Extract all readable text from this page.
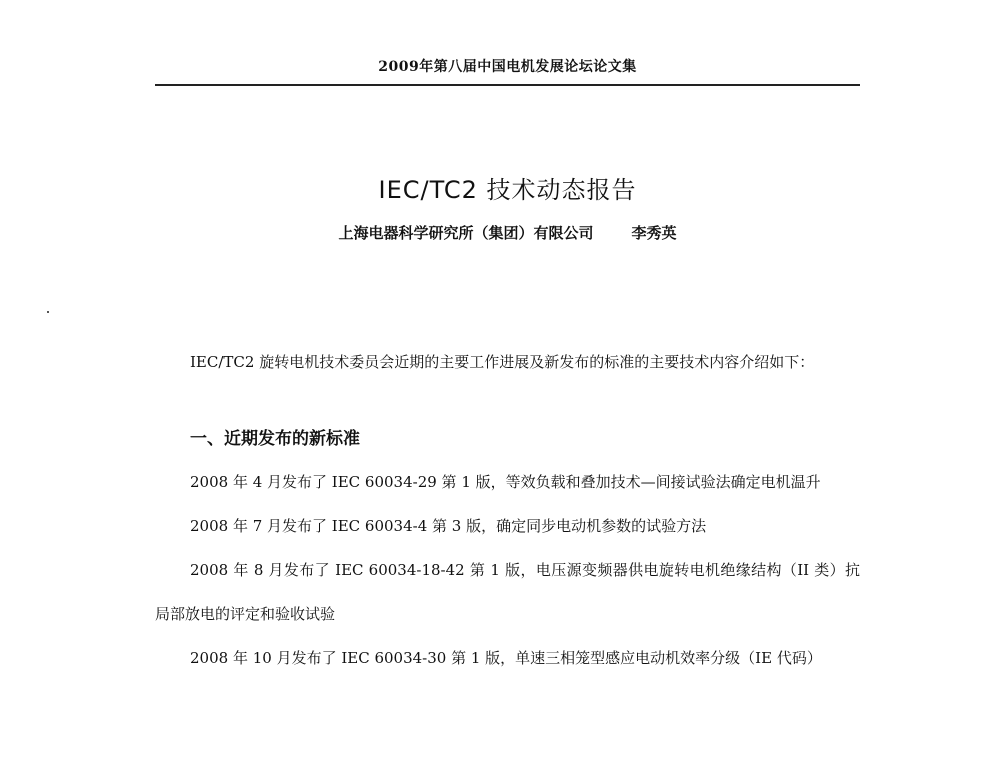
2009年第八届中国电机发展论坛论文集
IEC/TC2 技术动态报告
上海电器科学研究所（集团）有限公司	李秀英

IEC/TC2 旋转电机技术委员会近期的主要工作进展及新发布的标准的主要技术内容介绍如下：

一、近期发布的新标准
2008 年 4 月发布了 IEC 60034-29 第 1 版，等效负载和叠加技术—间接试验法确定电机温升
2008 年 7 月发布了 IEC 60034-4 第 3 版，确定同步电动机参数的试验方法
2008 年 8 月发布了 IEC 60034-18-42 第 1 版，电压源变频器供电旋转电机绝缘结构（II 类）抗局部放电的评定和验收试验
2008 年 10 月发布了 IEC 60034-30 第 1 版，单速三相笼型感应电动机效率分级（IE 代码）
